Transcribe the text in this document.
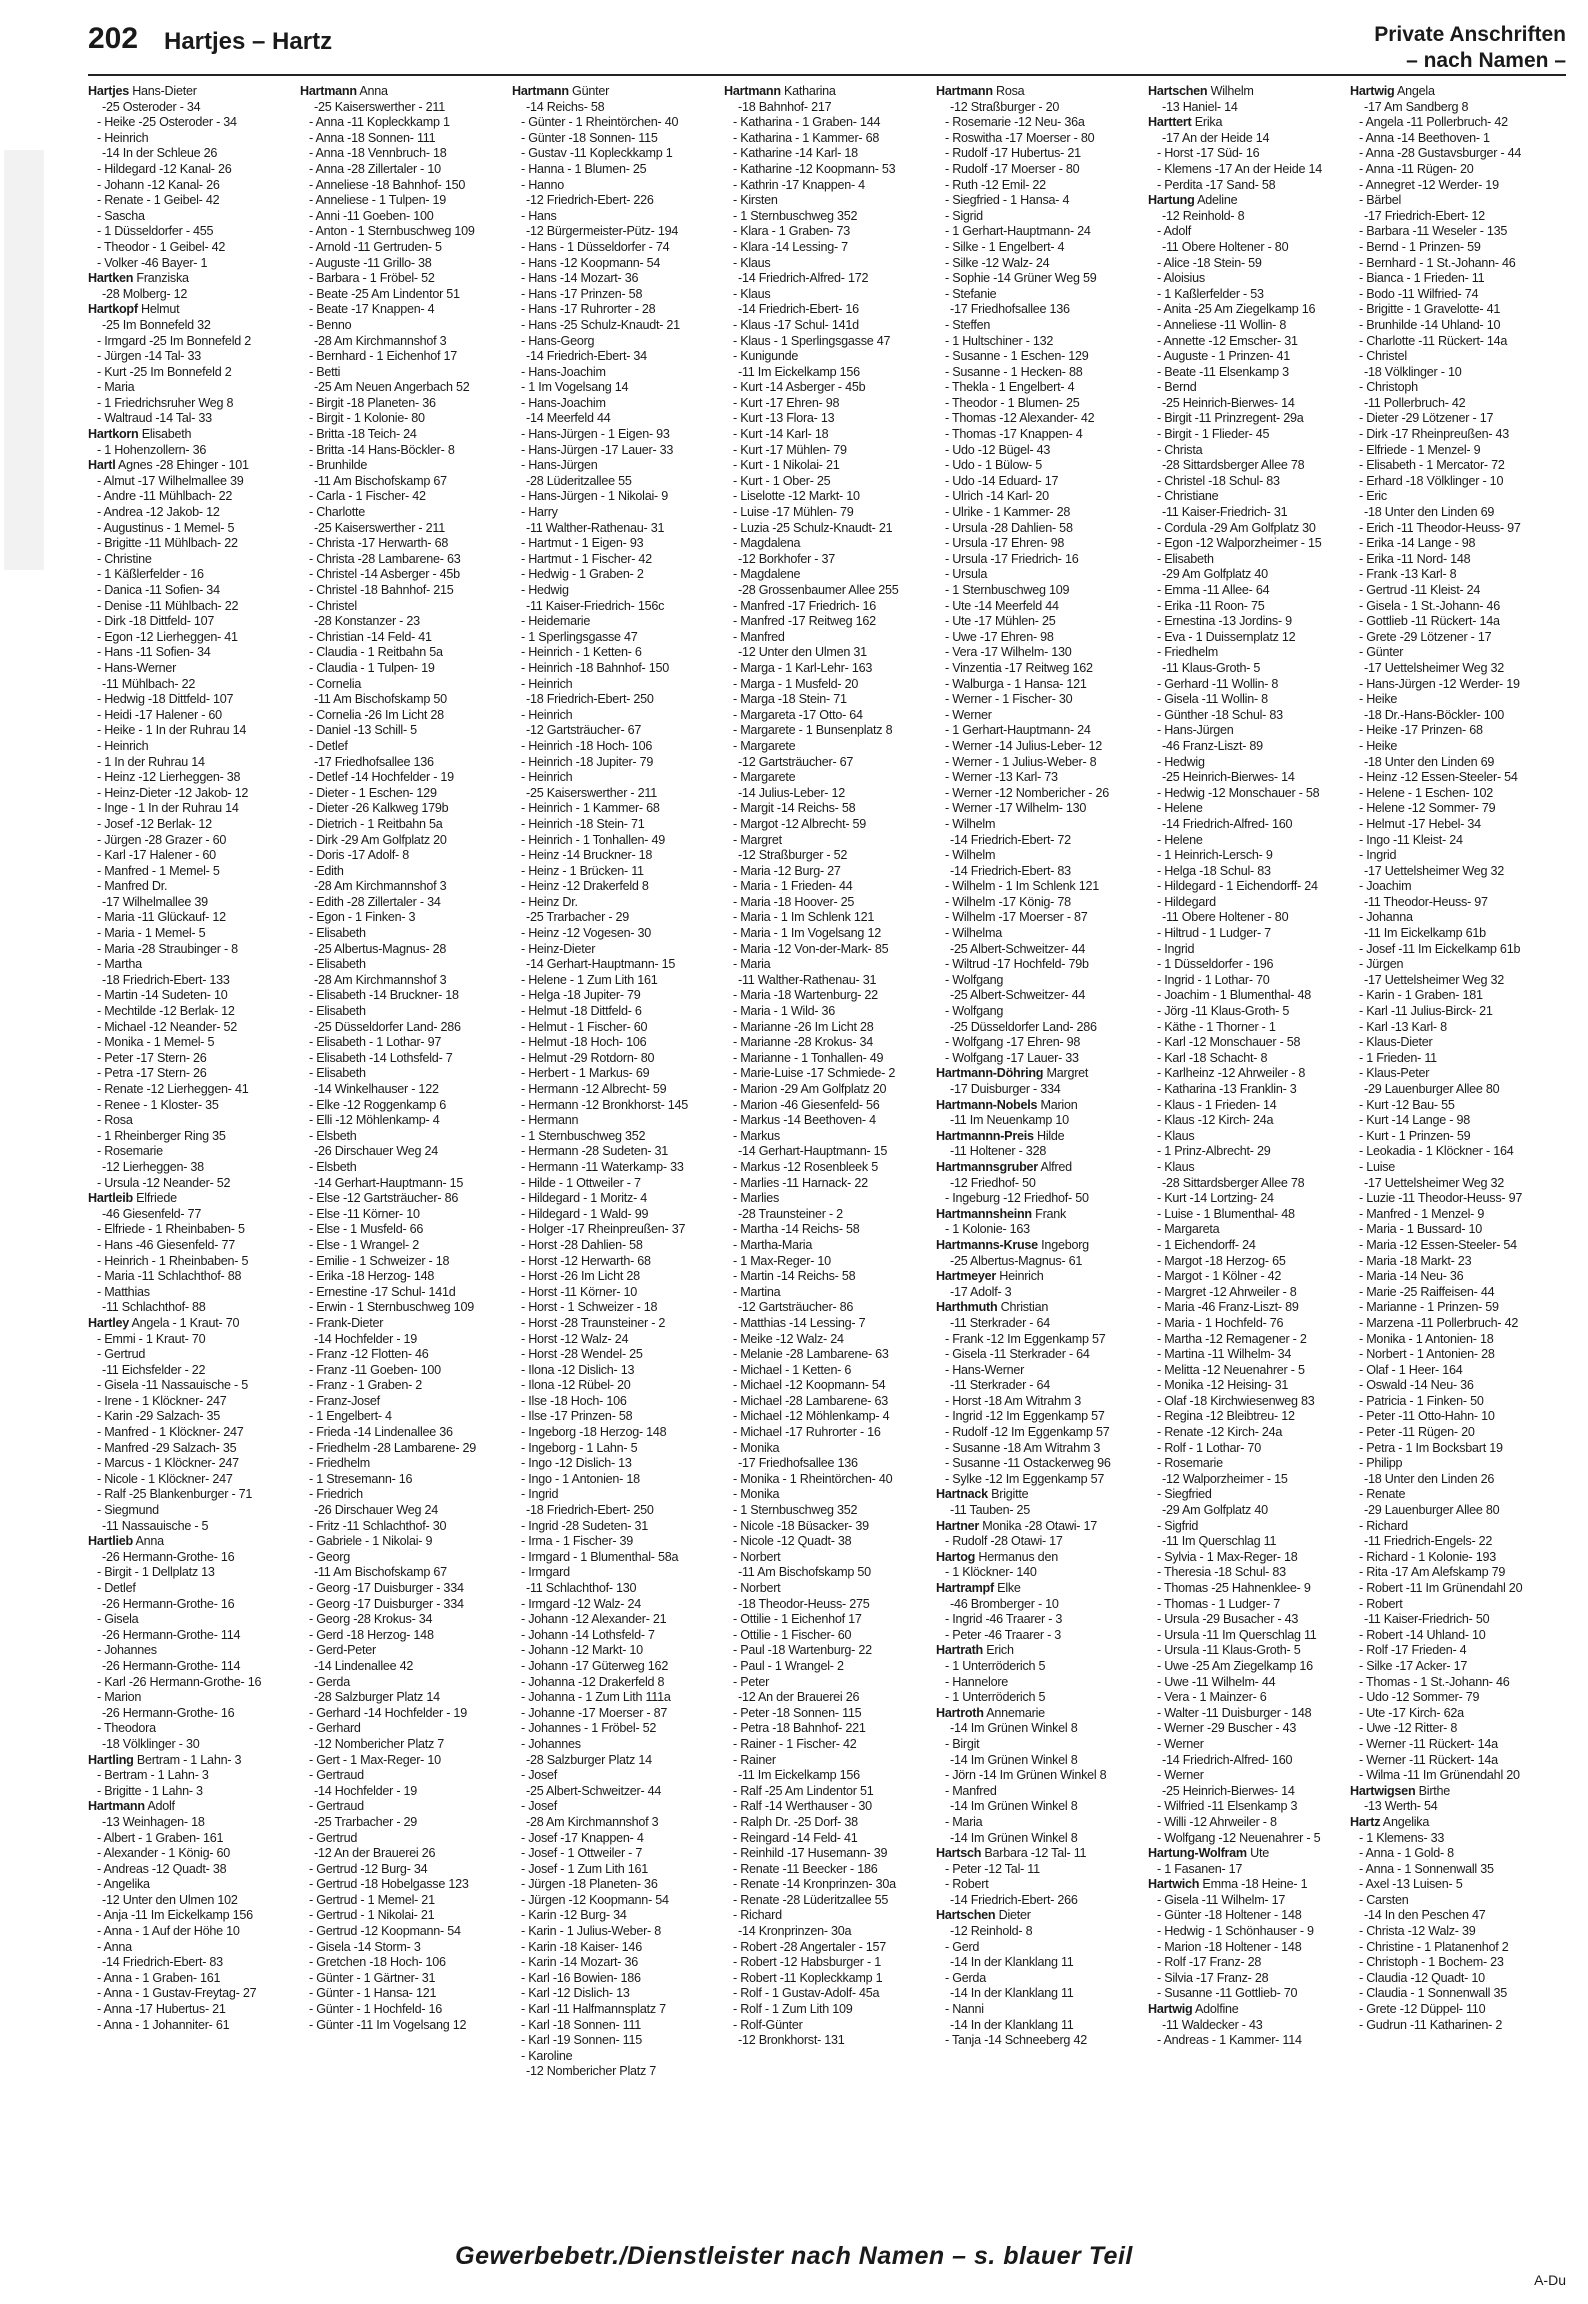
202 Hartjes – Hartz	Private Anschriften
– nach Namen –
Hartjes Hans-Dieter
-25 Osteroder - 34
- Heike -25 Osteroder - 34
- Heinrich
-14 In der Schleue 26
- Hildegard -12 Kanal- 26
- Johann -12 Kanal- 26
- Renate - 1 Geibel- 42
- Sascha
- 1 Düsseldorfer - 455
- Theodor - 1 Geibel- 42
- Volker -46 Bayer- 1
Hartken Franziska
-28 Molberg- 12
Hartkopf Helmut
-25 Im Bonnefeld 32
- Irmgard -25 Im Bonnefeld 2
- Jürgen -14 Tal- 33
- Kurt -25 Im Bonnefeld 2
- Maria
- 1 Friedrichsruher Weg 8
- Waltraud -14 Tal- 33
Hartkorn Elisabeth
- 1 Hohenzollern- 36
Hartl Agnes -28 Ehinger - 101
- Almut -17 Wilhelmallee 39
- Andre -11 Mühlbach- 22
- Andrea -12 Jakob- 12
- Augustinus - 1 Memel- 5
- Brigitte -11 Mühlbach- 22
- Christine
- 1 Käßlerfelder - 16
- Danica -11 Sofien- 34
- Denise -11 Mühlbach- 22
- Dirk -18 Dittfeld- 107
- Egon -12 Lierheggen- 41
- Hans -11 Sofien- 34
- Hans-Werner
-11 Mühlbach- 22
- Hedwig -18 Dittfeld- 107
- Heidi -17 Halener - 60
- Heike - 1 In der Ruhrau 14
- Heinrich
- 1 In der Ruhrau 14
- Heinz -12 Lierheggen- 38
- Heinz-Dieter -12 Jakob- 12
- Inge - 1 In der Ruhrau 14
- Josef -12 Berlak- 12
- Jürgen -28 Grazer - 60
- Karl -17 Halener - 60
- Manfred - 1 Memel- 5
- Manfred Dr.
-17 Wilhelmallee 39
- Maria -11 Glückauf- 12
- Maria - 1 Memel- 5
- Maria -28 Straubinger - 8
- Martha
-18 Friedrich-Ebert- 133
- Martin -14 Sudeten- 10
- Mechtilde -12 Berlak- 12
- Michael -12 Neander- 52
- Monika - 1 Memel- 5
- Peter -17 Stern- 26
- Petra -17 Stern- 26
- Renate -12 Lierheggen- 41
- Renee - 1 Kloster- 35
- Rosa
- 1 Rheinberger Ring 35
- Rosemarie
-12 Lierheggen- 38
- Ursula -12 Neander- 52
Hartleib Elfriede
-46 Giesenfeld- 77
- Elfriede - 1 Rheinbaben- 5
- Hans -46 Giesenfeld- 77
- Heinrich - 1 Rheinbaben- 5
- Maria -11 Schlachthof- 88
- Matthias
-11 Schlachthof- 88
Hartley Angela - 1 Kraut- 70
- Emmi - 1 Kraut- 70
- Gertrud
-11 Eichsfelder - 22
- Gisela -11 Nassauische - 5
- Irene - 1 Klöckner- 247
- Karin -29 Salzach- 35
- Manfred - 1 Klöckner- 247
- Manfred -29 Salzach- 35
- Marcus - 1 Klöckner- 247
- Nicole - 1 Klöckner- 247
- Ralf -25 Blankenburger - 71
- Siegmund
-11 Nassauische - 5
Hartlieb Anna
-26 Hermann-Grothe- 16
- Birgit - 1 Dellplatz 13
- Detlef
-26 Hermann-Grothe- 16
- Gisela
-26 Hermann-Grothe- 114
- Johannes
-26 Hermann-Grothe- 114
- Karl -26 Hermann-Grothe- 16
- Marion
-26 Hermann-Grothe- 16
- Theodora
-18 Völklinger - 30
Hartling Bertram - 1 Lahn- 3
- Bertram - 1 Lahn- 3
- Brigitte - 1 Lahn- 3
Hartmann Adolf
-13 Weinhagen- 18
- Albert - 1 Graben- 161
- Alexander - 1 König- 60
- Andreas -12 Quadt- 38
- Angelika
-12 Unter den Ulmen 102
- Anja -11 Im Eickelkamp 156
- Anna - 1 Auf der Höhe 10
- Anna
-14 Friedrich-Ebert- 83
- Anna - 1 Graben- 161
- Anna - 1 Gustav-Freytag- 27
- Anna -17 Hubertus- 21
- Anna - 1 Johanniter- 61
Hartmann Anna
-25 Kaiserswerther - 211
- Anna -11 Kopleckkamp 1
- Anna -18 Sonnen- 111
- Anna -18 Vennbruch- 18
- Anna -28 Zillertaler - 10
- Anneliese -18 Bahnhof- 150
- Anneliese - 1 Tulpen- 19
- Anni -11 Goeben- 100
- Anton - 1 Sternbuschweg 109
- Arnold -11 Gertruden- 5
- Auguste -11 Grillo- 38
- Barbara - 1 Fröbel- 52
- Beate -25 Am Lindentor 51
- Beate -17 Knappen- 4
- Benno
-28 Am Kirchmannshof 3
- Bernhard - 1 Eichenhof 17
- Betti
-25 Am Neuen Angerbach 52
- Birgit -18 Planeten- 36
- Birgit - 1 Kolonie- 80
- Britta -18 Teich- 24
- Britta -14 Hans-Böckler- 8
- Brunhilde
-11 Am Bischofskamp 67
- Carla - 1 Fischer- 42
- Charlotte
-25 Kaiserswerther - 211
- Christa -17 Herwarth- 68
- Christa -28 Lambarene- 63
- Christel -14 Asberger - 45b
- Christel -18 Bahnhof- 215
- Christel
-28 Konstanzer - 23
- Christian -14 Feld- 41
- Claudia - 1 Reitbahn 5a
- Claudia - 1 Tulpen- 19
- Cornelia
-11 Am Bischofskamp 50
- Cornelia -26 Im Licht 28
- Daniel -13 Schill- 5
- Detlef
-17 Friedhofsallee 136
- Detlef -14 Hochfelder - 19
- Dieter - 1 Eschen- 129
- Dieter -26 Kalkweg 179b
- Dietrich - 1 Reitbahn 5a
- Dirk -29 Am Golfplatz 20
- Doris -17 Adolf- 8
- Edith
-28 Am Kirchmannshof 3
- Edith -28 Zillertaler - 34
- Egon - 1 Finken- 3
- Elisabeth
-25 Albertus-Magnus- 28
- Elisabeth
-28 Am Kirchmannshof 3
- Elisabeth -14 Bruckner- 18
- Elisabeth
-25 Düsseldorfer Land- 286
- Elisabeth - 1 Lothar- 97
- Elisabeth -14 Lothsfeld- 7
- Elisabeth
-14 Winkelhauser - 122
- Elke -12 Roggenkamp 6
- Elli -12 Möhlenkamp- 4
- Elsbeth
-26 Dirschauer Weg 24
- Elsbeth
-14 Gerhart-Hauptmann- 15
- Else -12 Gartsträucher- 86
- Else -11 Körner- 10
- Else - 1 Musfeld- 66
- Else - 1 Wrangel- 2
- Emilie - 1 Schweizer - 18
- Erika -18 Herzog- 148
- Ernestine -17 Schul- 141d
- Erwin - 1 Sternbuschweg 109
- Frank-Dieter
-14 Hochfelder - 19
- Franz -12 Flotten- 46
- Franz -11 Goeben- 100
- Franz - 1 Graben- 2
- Franz-Josef
- 1 Engelbert- 4
- Frieda -14 Lindenallee 36
- Friedhelm -28 Lambarene- 29
- Friedhelm
- 1 Stresemann- 16
- Friedrich
-26 Dirschauer Weg 24
- Fritz -11 Schlachthof- 30
- Gabriele - 1 Nikolai- 9
- Georg
-11 Am Bischofskamp 67
- Georg -17 Duisburger - 334
- Georg -17 Duisburger - 334
- Georg -28 Krokus- 34
- Gerd -18 Herzog- 148
- Gerd-Peter
-14 Lindenallee 42
- Gerda
-28 Salzburger Platz 14
- Gerhard -14 Hochfelder - 19
- Gerhard
-12 Nombericher Platz 7
- Gert - 1 Max-Reger- 10
- Gertraud
-14 Hochfelder - 19
- Gertraud
-25 Trarbacher - 29
- Gertrud
-12 An der Brauerei 26
- Gertrud -12 Burg- 34
- Gertrud -18 Hobelgasse 123
- Gertrud - 1 Memel- 21
- Gertrud - 1 Nikolai- 21
- Gertrud -12 Koopmann- 54
- Gisela -14 Storm- 3
- Gretchen -18 Hoch- 106
- Günter - 1 Gärtner- 31
- Günter - 1 Hansa- 121
- Günter - 1 Hochfeld- 16
- Günter -11 Im Vogelsang 12
Hartmann Günter
-14 Reichs- 58
- Günter - 1 Rheintörchen- 40
- Günter -18 Sonnen- 115
- Gustav -11 Kopleckkamp 1
- Hanna - 1 Blumen- 25
- Hanno
-12 Friedrich-Ebert- 226
- Hans
-12 Bürgermeister-Pütz- 194
- Hans - 1 Düsseldorfer - 74
- Hans -12 Koopmann- 54
- Hans -14 Mozart- 36
- Hans -17 Prinzen- 58
- Hans -17 Ruhrorter - 28
- Hans -25 Schulz-Knaudt- 21
- Hans-Georg
-14 Friedrich-Ebert- 34
- Hans-Joachim
- 1 Im Vogelsang 14
- Hans-Joachim
-14 Meerfeld 44
- Hans-Jürgen - 1 Eigen- 93
- Hans-Jürgen -17 Lauer- 33
- Hans-Jürgen
-28 Lüderitzallee 55
- Hans-Jürgen - 1 Nikolai- 9
- Harry
-11 Walther-Rathenau- 31
- Hartmut - 1 Eigen- 93
- Hartmut - 1 Fischer- 42
- Hedwig - 1 Graben- 2
- Hedwig
-11 Kaiser-Friedrich- 156c
- Heidemarie
- 1 Sperlingsgasse 47
- Heinrich - 1 Ketten- 6
- Heinrich -18 Bahnhof- 150
- Heinrich
-18 Friedrich-Ebert- 250
- Heinrich
-12 Gartsträucher- 67
- Heinrich -18 Hoch- 106
- Heinrich -18 Jupiter- 79
- Heinrich
-25 Kaiserswerther - 211
- Heinrich - 1 Kammer- 68
- Heinrich -18 Stein- 71
- Heinrich - 1 Tonhallen- 49
- Heinz -14 Bruckner- 18
- Heinz - 1 Brücken- 11
- Heinz -12 Drakerfeld 8
- Heinz Dr.
-25 Trarbacher - 29
- Heinz -12 Vogesen- 30
- Heinz-Dieter
-14 Gerhart-Hauptmann- 15
- Helene - 1 Zum Lith 161
- Helga -18 Jupiter- 79
- Helmut -18 Dittfeld- 6
- Helmut - 1 Fischer- 60
- Helmut -18 Hoch- 106
- Helmut -29 Rotdorn- 80
- Herbert - 1 Markus- 69
- Hermann -12 Albrecht- 59
- Hermann -12 Bronkhorst- 145
- Hermann
- 1 Sternbuschweg 352
- Hermann -28 Sudeten- 31
- Hermann -11 Waterkamp- 33
- Hilde - 1 Ottweiler - 7
- Hildegard - 1 Moritz- 4
- Hildegard - 1 Wald- 99
- Holger -17 Rheinpreußen- 37
- Horst -28 Dahlien- 58
- Horst -12 Herwarth- 68
- Horst -26 Im Licht 28
- Horst -11 Körner- 10
- Horst - 1 Schweizer - 18
- Horst -28 Traunsteiner - 2
- Horst -12 Walz- 24
- Horst -28 Wendel- 25
- Ilona -12 Dislich- 13
- Ilona -12 Rübel- 20
- Ilse -18 Hoch- 106
- Ilse -17 Prinzen- 58
- Ingeborg -18 Herzog- 148
- Ingeborg - 1 Lahn- 5
- Ingo -12 Dislich- 13
- Ingo - 1 Antonien- 18
- Ingrid
-18 Friedrich-Ebert- 250
- Ingrid -28 Sudeten- 31
- Irma - 1 Fischer- 39
- Irmgard - 1 Blumenthal- 58a
- Irmgard
-11 Schlachthof- 130
- Irmgard -12 Walz- 24
- Johann -12 Alexander- 21
- Johann -14 Lothsfeld- 7
- Johann -12 Markt- 10
- Johann -17 Güterweg 162
- Johanna -12 Drakerfeld 8
- Johanna - 1 Zum Lith 111a
- Johanne -17 Moerser - 87
- Johannes - 1 Fröbel- 52
- Johannes
-28 Salzburger Platz 14
- Josef
-25 Albert-Schweitzer- 44
- Josef
-28 Am Kirchmannshof 3
- Josef -17 Knappen- 4
- Josef - 1 Ottweiler - 7
- Josef - 1 Zum Lith 161
- Jürgen -18 Planeten- 36
- Jürgen -12 Koopmann- 54
- Karin -12 Burg- 34
- Karin - 1 Julius-Weber- 8
- Karin -18 Kaiser- 146
- Karin -14 Mozart- 36
- Karl -16 Bowien- 186
- Karl -12 Dislich- 13
- Karl -11 Halfmannsplatz 7
- Karl -18 Sonnen- 111
- Karl -19 Sonnen- 115
- Karoline
-12 Nombericher Platz 7
Hartmann Katharina
-18 Bahnhof- 217
- Katharina - 1 Graben- 144
- Katharina - 1 Kammer- 68
- Katharine -14 Karl- 18
- Katharine -12 Koopmann- 53
- Kathrin -17 Knappen- 4
- Kirsten
- 1 Sternbuschweg 352
- Klara - 1 Graben- 73
- Klara -14 Lessing- 7
- Klaus
-14 Friedrich-Alfred- 172
- Klaus
-14 Friedrich-Ebert- 16
- Klaus -17 Schul- 141d
- Klaus - 1 Sperlingsgasse 47
- Kunigunde
-11 Im Eickelkamp 156
- Kurt -14 Asberger - 45b
- Kurt -17 Ehren- 98
- Kurt -13 Flora- 13
- Kurt -14 Karl- 18
- Kurt -17 Mühlen- 79
- Kurt - 1 Nikolai- 21
- Kurt - 1 Ober- 25
- Liselotte -12 Markt- 10
- Luise -17 Mühlen- 79
- Luzia -25 Schulz-Knaudt- 21
- Magdalena
-12 Borkhofer - 37
- Magdalene
-28 Grossenbaumer Allee 255
- Manfred -17 Friedrich- 16
- Manfred -17 Reitweg 162
- Manfred
-12 Unter den Ulmen 31
- Marga - 1 Karl-Lehr- 163
- Marga - 1 Musfeld- 20
- Marga -18 Stein- 71
- Margareta -17 Otto- 64
- Margarete - 1 Bunsenplatz 8
- Margarete
-12 Gartsträucher- 67
- Margarete
-14 Julius-Leber- 12
- Margit -14 Reichs- 58
- Margot -12 Albrecht- 59
- Margret
-12 Straßburger - 52
- Maria -12 Burg- 27
- Maria - 1 Frieden- 44
- Maria -18 Hoover- 25
- Maria - 1 Im Schlenk 121
- Maria - 1 Im Vogelsang 12
- Maria -12 Von-der-Mark- 85
- Maria
-11 Walther-Rathenau- 31
- Maria -18 Wartenburg- 22
- Maria - 1 Wild- 36
- Marianne -26 Im Licht 28
- Marianne -28 Krokus- 34
- Marianne - 1 Tonhallen- 49
- Marie-Luise -17 Schmiede- 2
- Marion -29 Am Golfplatz 20
- Marion -46 Giesenfeld- 56
- Markus -14 Beethoven- 4
- Markus
-14 Gerhart-Hauptmann- 15
- Markus -12 Rosenbleek 5
- Marlies -11 Harnack- 22
- Marlies
-28 Traunsteiner - 2
- Martha -14 Reichs- 58
- Martha-Maria
- 1 Max-Reger- 10
- Martin -14 Reichs- 58
- Martina
-12 Gartsträucher- 86
- Matthias -14 Lessing- 7
- Meike -12 Walz- 24
- Melanie -28 Lambarene- 63
- Michael - 1 Ketten- 6
- Michael -12 Koopmann- 54
- Michael -28 Lambarene- 63
- Michael -12 Möhlenkamp- 4
- Michael -17 Ruhrorter - 16
- Monika
-17 Friedhofsallee 136
- Monika - 1 Rheintörchen- 40
- Monika
- 1 Sternbuschweg 352
- Nicole -18 Büsacker- 39
- Nicole -12 Quadt- 38
- Norbert
-11 Am Bischofskamp 50
- Norbert
-18 Theodor-Heuss- 275
- Ottilie - 1 Eichenhof 17
- Ottilie - 1 Fischer- 60
- Paul -18 Wartenburg- 22
- Paul - 1 Wrangel- 2
- Peter
-12 An der Brauerei 26
- Peter -18 Sonnen- 115
- Petra -18 Bahnhof- 221
- Rainer - 1 Fischer- 42
- Rainer
-11 Im Eickelkamp 156
- Ralf -25 Am Lindentor 51
- Ralf -14 Werthauser - 30
- Ralph Dr. -25 Dorf- 38
- Reingard -14 Feld- 41
- Reinhild -17 Husemann- 39
- Renate -11 Beecker - 186
- Renate -14 Kronprinzen- 30a
- Renate -28 Lüderitzallee 55
- Richard
-14 Kronprinzen- 30a
- Robert -28 Angertaler - 157
- Robert -12 Habsburger - 1
- Robert -11 Kopleckkamp 1
- Rolf - 1 Gustav-Adolf- 45a
- Rolf - 1 Zum Lith 109
- Rolf-Günter
-12 Bronkhorst- 131
Hartmann Rosa
-12 Straßburger - 20
- Rosemarie -12 Neu- 36a
- Roswitha -17 Moerser - 80
- Rudolf -17 Hubertus- 21
- Rudolf -17 Moerser - 80
- Ruth -12 Emil- 22
- Siegfried - 1 Hansa- 4
- Sigrid
- 1 Gerhart-Hauptmann- 24
- Silke - 1 Engelbert- 4
- Silke -12 Walz- 24
- Sophie -14 Grüner Weg 59
- Stefanie
-17 Friedhofsallee 136
- Steffen
- 1 Hultschiner - 132
- Susanne - 1 Eschen- 129
- Susanne - 1 Hecken- 88
- Thekla - 1 Engelbert- 4
- Theodor - 1 Blumen- 25
- Thomas -12 Alexander- 42
- Thomas -17 Knappen- 4
- Udo -12 Bügel- 43
- Udo - 1 Bülow- 5
- Udo -14 Eduard- 17
- Ulrich -14 Karl- 20
- Ulrike - 1 Kammer- 28
- Ursula -28 Dahlien- 58
- Ursula -17 Ehren- 98
- Ursula -17 Friedrich- 16
- Ursula
- 1 Sternbuschweg 109
- Ute -14 Meerfeld 44
- Ute -17 Mühlen- 25
- Uwe -17 Ehren- 98
- Vera -17 Wilhelm- 130
- Vinzentia -17 Reitweg 162
- Walburga - 1 Hansa- 121
- Werner - 1 Fischer- 30
- Werner
- 1 Gerhart-Hauptmann- 24
- Werner -14 Julius-Leber- 12
- Werner - 1 Julius-Weber- 8
- Werner -13 Karl- 73
- Werner -12 Nombericher - 26
- Werner -17 Wilhelm- 130
- Wilhelm
-14 Friedrich-Ebert- 72
- Wilhelm
-14 Friedrich-Ebert- 83
- Wilhelm - 1 Im Schlenk 121
- Wilhelm -17 König- 78
- Wilhelm -17 Moerser - 87
- Wilhelma
-25 Albert-Schweitzer- 44
- Wiltrud -17 Hochfeld- 79b
- Wolfgang
-25 Albert-Schweitzer- 44
- Wolfgang
-25 Düsseldorfer Land- 286
- Wolfgang -17 Ehren- 98
- Wolfgang -17 Lauer- 33
Hartmann-Döhring Margret
-17 Duisburger - 334
Hartmann-Nobels Marion
-11 Im Neuenkamp 10
Hartmannn-Preis Hilde
-11 Holtener - 328
Hartmannsgruber Alfred
-12 Friedhof- 50
- Ingeburg -12 Friedhof- 50
Hartmannsheinn Frank
- 1 Kolonie- 163
Hartmanns-Kruse Ingeborg
-25 Albertus-Magnus- 61
Hartmeyer Heinrich
-17 Adolf- 3
Harthmuth Christian
-11 Sterkrader - 64
- Frank -12 Im Eggenkamp 57
- Gisela -11 Sterkrader - 64
- Hans-Werner
-11 Sterkrader - 64
- Horst -18 Am Witrahm 3
- Ingrid -12 Im Eggenkamp 57
- Rudolf -12 Im Eggenkamp 57
- Susanne -18 Am Witrahm 3
- Susanne -11 Ostackerweg 96
- Sylke -12 Im Eggenkamp 57
Hartnack Brigitte
-11 Tauben- 25
Hartner Monika -28 Otawi- 17
- Rudolf -28 Otawi- 17
Hartog Hermanus den
- 1 Klöckner- 140
Hartrampf Elke
-46 Bromberger - 10
- Ingrid -46 Traarer - 3
- Peter -46 Traarer - 3
Hartrath Erich
- 1 Unterröderich 5
- Hannelore
- 1 Unterröderich 5
Hartroth Annemarie
-14 Im Grünen Winkel 8
- Birgit
-14 Im Grünen Winkel 8
- Jörn -14 Im Grünen Winkel 8
- Manfred
-14 Im Grünen Winkel 8
- Maria
-14 Im Grünen Winkel 8
Hartsch Barbara -12 Tal- 11
- Peter -12 Tal- 11
- Robert
-14 Friedrich-Ebert- 266
Hartschen Dieter
-12 Reinhold- 8
- Gerd
-14 In der Klanklang 11
- Gerda
-14 In der Klanklang 11
- Nanni
-14 In der Klanklang 11
- Tanja -14 Schneeberg 42
Hartschen Wilhelm
-13 Haniel- 14
Harttert Erika
-17 An der Heide 14
- Horst -17 Süd- 16
- Klemens -17 An der Heide 14
- Perdita -17 Sand- 58
Hartung Adeline
-12 Reinhold- 8
- Adolf
-11 Obere Holtener - 80
- Alice -18 Stein- 59
- Aloisius
- 1 Kaßlerfelder - 53
- Anita -25 Am Ziegelkamp 16
- Anneliese -11 Wollin- 8
- Annette -12 Emscher- 31
- Auguste - 1 Prinzen- 41
- Beate -11 Elsenkamp 3
- Bernd
-25 Heinrich-Bierwes- 14
- Birgit -11 Prinzregent- 29a
- Birgit - 1 Flieder- 45
- Christa
-28 Sittardsberger Allee 78
- Christel -18 Schul- 83
- Christiane
-11 Kaiser-Friedrich- 31
- Cordula -29 Am Golfplatz 30
- Egon -12 Walporzheimer - 15
- Elisabeth
-29 Am Golfplatz 40
- Emma -11 Allee- 64
- Erika -11 Roon- 75
- Ernestina -13 Jordins- 9
- Eva - 1 Duissernplatz 12
- Friedhelm
-11 Klaus-Groth- 5
- Gerhard -11 Wollin- 8
- Gisela -11 Wollin- 8
- Günther -18 Schul- 83
- Hans-Jürgen
-46 Franz-Liszt- 89
- Hedwig
-25 Heinrich-Bierwes- 14
- Hedwig -12 Monschauer - 58
- Helene
-14 Friedrich-Alfred- 160
- Helene
- 1 Heinrich-Lersch- 9
- Helga -18 Schul- 83
- Hildegard - 1 Eichendorff- 24
- Hildegard
-11 Obere Holtener - 80
- Hiltrud - 1 Ludger- 7
- Ingrid
- 1 Düsseldorfer - 196
- Ingrid - 1 Lothar- 70
- Joachim - 1 Blumenthal- 48
- Jörg -11 Klaus-Groth- 5
- Käthe - 1 Thorner - 1
- Karl -12 Monschauer - 58
- Karl -18 Schacht- 8
- Karlheinz -12 Ahrweiler - 8
- Katharina -13 Franklin- 3
- Klaus - 1 Frieden- 14
- Klaus -12 Kirch- 24a
- Klaus
- 1 Prinz-Albrecht- 29
- Klaus
-28 Sittardsberger Allee 78
- Kurt -14 Lortzing- 24
- Luise - 1 Blumenthal- 48
- Margareta
- 1 Eichendorff- 24
- Margot -18 Herzog- 65
- Margot - 1 Kölner - 42
- Margret -12 Ahrweiler - 8
- Maria -46 Franz-Liszt- 89
- Maria - 1 Hochfeld- 76
- Martha -12 Remagener - 2
- Martina -11 Wilhelm- 34
- Melitta -12 Neuenahrer - 5
- Monika -12 Heising- 31
- Olaf -18 Kirchwiesenweg 83
- Regina -12 Bleibtreu- 12
- Renate -12 Kirch- 24a
- Rolf - 1 Lothar- 70
- Rosemarie
-12 Walporzheimer - 15
- Siegfried
-29 Am Golfplatz 40
- Sigfrid
-11 Im Querschlag 11
- Sylvia - 1 Max-Reger- 18
- Theresia -18 Schul- 83
- Thomas -25 Hahnenklee- 9
- Thomas - 1 Ludger- 7
- Ursula -29 Busacher - 43
- Ursula -11 Im Querschlag 11
- Ursula -11 Klaus-Groth- 5
- Uwe -25 Am Ziegelkamp 16
- Uwe -11 Wilhelm- 44
- Vera - 1 Mainzer- 6
- Walter -11 Duisburger - 148
- Werner -29 Buscher - 43
- Werner
-14 Friedrich-Alfred- 160
- Werner
-25 Heinrich-Bierwes- 14
- Wilfried -11 Elsenkamp 3
- Willi -12 Ahrweiler - 8
- Wolfgang -12 Neuenahrer - 5
Hartung-Wolfram Ute
- 1 Fasanen- 17
Hartwich Emma -18 Heine- 1
- Gisela -11 Wilhelm- 17
- Günter -18 Holtener - 148
- Hedwig - 1 Schönhauser - 9
- Marion -18 Holtener - 148
- Rolf -17 Franz- 28
- Silvia -17 Franz- 28
- Susanne -11 Gottlieb- 70
Hartwig Adolfine
-11 Waldecker - 43
- Andreas - 1 Kammer- 114
Hartwig Angela
-17 Am Sandberg 8
- Angela -11 Pollerbruch- 42
- Anna -14 Beethoven- 1
- Anna -28 Gustavsburger - 44
- Anna -11 Rügen- 20
- Annegret -12 Werder- 19
- Bärbel
-17 Friedrich-Ebert- 12
- Barbara -11 Weseler - 135
- Bernd - 1 Prinzen- 59
- Bernhard - 1 St.-Johann- 46
- Bianca - 1 Frieden- 11
- Bodo -11 Wilfried- 74
- Brigitte - 1 Gravelotte- 41
- Brunhilde -14 Uhland- 10
- Charlotte -11 Rückert- 14a
- Christel
-18 Völklinger - 10
- Christoph
-11 Pollerbruch- 42
- Dieter -29 Lötzener - 17
- Dirk -17 Rheinpreußen- 43
- Elfriede - 1 Menzel- 9
- Elisabeth - 1 Mercator- 72
- Erhard -18 Völklinger - 10
- Eric
-18 Unter den Linden 69
- Erich -11 Theodor-Heuss- 97
- Erika -14 Lange - 98
- Erika -11 Nord- 148
- Frank -13 Karl- 8
- Gertrud -11 Kleist- 24
- Gisela - 1 St.-Johann- 46
- Gottlieb -11 Rückert- 14a
- Grete -29 Lötzener - 17
- Günter
-17 Uettelsheimer Weg 32
- Hans-Jürgen -12 Werder- 19
- Heike
-18 Dr.-Hans-Böckler- 100
- Heike -17 Prinzen- 68
- Heike
-18 Unter den Linden 69
- Heinz -12 Essen-Steeler- 54
- Helene - 1 Eschen- 102
- Helene -12 Sommer- 79
- Helmut -17 Hebel- 34
- Ingo -11 Kleist- 24
- Ingrid
-17 Uettelsheimer Weg 32
- Joachim
-11 Theodor-Heuss- 97
- Johanna
-11 Im Eickelkamp 61b
- Josef -11 Im Eickelkamp 61b
- Jürgen
-17 Uettelsheimer Weg 32
- Karin - 1 Graben- 181
- Karl -11 Julius-Birck- 21
- Karl -13 Karl- 8
- Klaus-Dieter
- 1 Frieden- 11
- Klaus-Peter
-29 Lauenburger Allee 80
- Kurt -12 Bau- 55
- Kurt -14 Lange - 98
- Kurt - 1 Prinzen- 59
- Leokadia - 1 Klöckner - 164
- Luise
-17 Uettelsheimer Weg 32
- Luzie -11 Theodor-Heuss- 97
- Manfred - 1 Menzel- 9
- Maria - 1 Bussard- 10
- Maria -12 Essen-Steeler- 54
- Maria -18 Markt- 23
- Maria -14 Neu- 36
- Marie -25 Raiffeisen- 44
- Marianne - 1 Prinzen- 59
- Marzena -11 Pollerbruch- 42
- Monika - 1 Antonien- 18
- Norbert - 1 Antonien- 28
- Olaf - 1 Heer- 164
- Oswald -14 Neu- 36
- Patricia - 1 Finken- 50
- Peter -11 Otto-Hahn- 10
- Peter -11 Rügen- 20
- Petra - 1 Im Bocksbart 19
- Philipp
-18 Unter den Linden 26
- Renate
-29 Lauenburger Allee 80
- Richard
-11 Friedrich-Engels- 22
- Richard - 1 Kolonie- 193
- Rita -17 Am Alefskamp 79
- Robert -11 Im Grünendahl 20
- Robert
-11 Kaiser-Friedrich- 50
- Robert -14 Uhland- 10
- Rolf -17 Frieden- 4
- Silke -17 Acker- 17
- Thomas - 1 St.-Johann- 46
- Udo -12 Sommer- 79
- Ute -17 Kirch- 62a
- Uwe -12 Ritter- 8
- Werner -11 Rückert- 14a
- Werner -11 Rückert- 14a
- Wilma -11 Im Grünendahl 20
Hartwigsen Birthe
-13 Werth- 54
Hartz Angelika
- 1 Klemens- 33
- Anna - 1 Gold- 8
- Anna - 1 Sonnenwall 35
- Axel -13 Luisen- 5
- Carsten
-14 In den Peschen 47
- Christa -12 Walz- 39
- Christine - 1 Platanenhof 2
- Christoph - 1 Bochem- 23
- Claudia -12 Quadt- 10
- Claudia - 1 Sonnenwall 35
- Grete -12 Düppel- 110
- Gudrun -11 Katharinen- 2
Gewerbebetr./Dienstleister nach Namen – s. blauer Teil
A-Du
